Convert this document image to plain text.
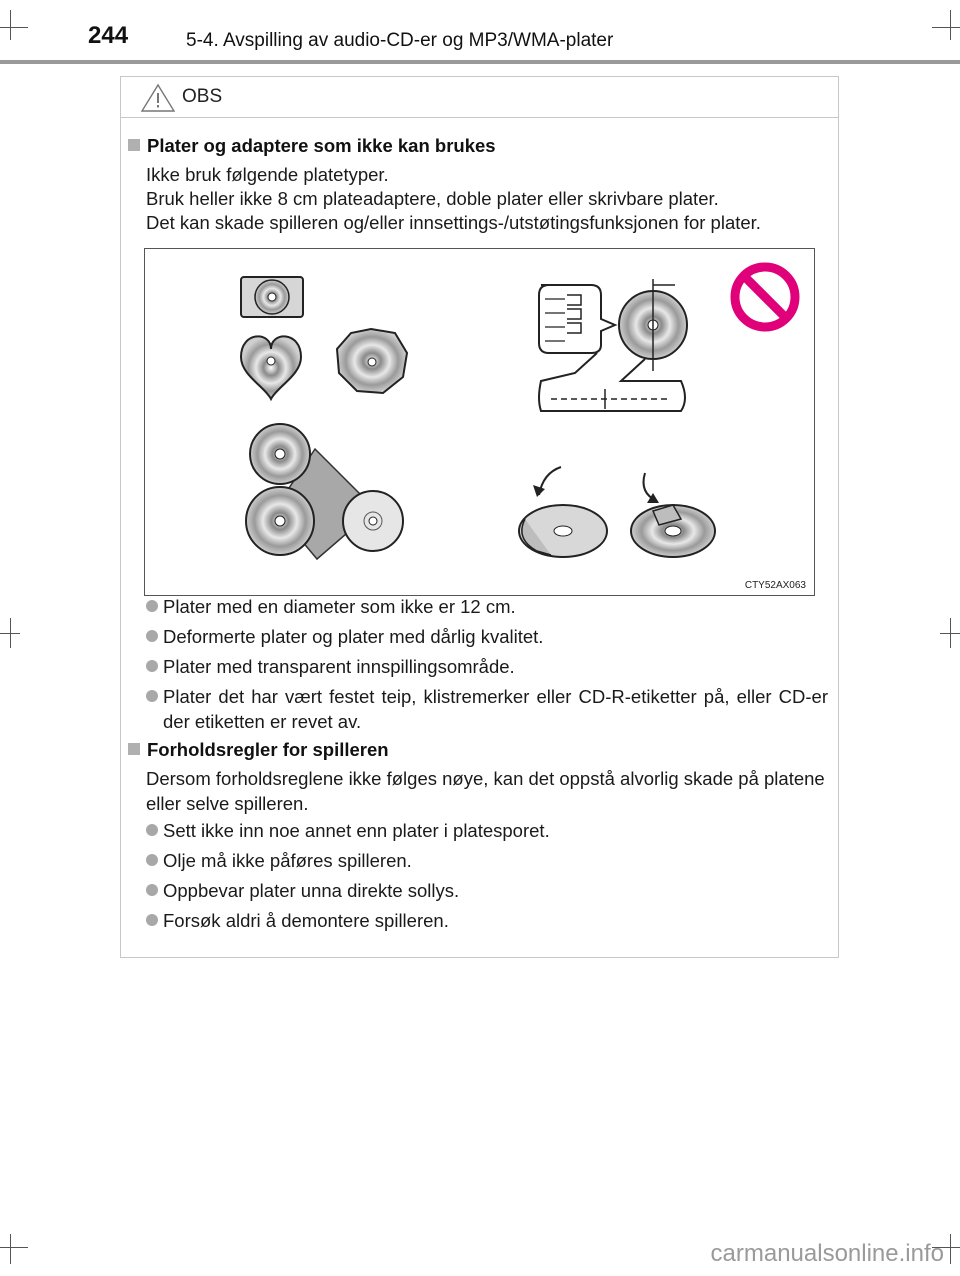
244	5-4. Avspilling av audio-CD-er og MP3/WMA-plater
OBS
Plater og adaptere som ikke kan brukes
Ikke bruk følgende platetyper.
Bruk heller ikke 8 cm plateadaptere, doble plater eller skrivbare plater.
Det kan skade spilleren og/eller innsettings-/utstøtingsfunksjonen for plater.
CTY52AX063
Plater med en diameter som ikke er 12 cm.
Deformerte plater og plater med dårlig kvalitet.
Plater med transparent innspillingsområde.
Plater det har vært festet teip, klistremerker eller CD-R-etiketter på, eller CD-er der etiketten er revet av.
Forholdsregler for spilleren
Dersom forholdsreglene ikke følges nøye, kan det oppstå alvorlig skade på platene eller selve spilleren.
Sett ikke inn noe annet enn plater i platesporet.
Olje må ikke påføres spilleren.
Oppbevar plater unna direkte sollys.
Forsøk aldri å demontere spilleren.
carmanualsonline.info
